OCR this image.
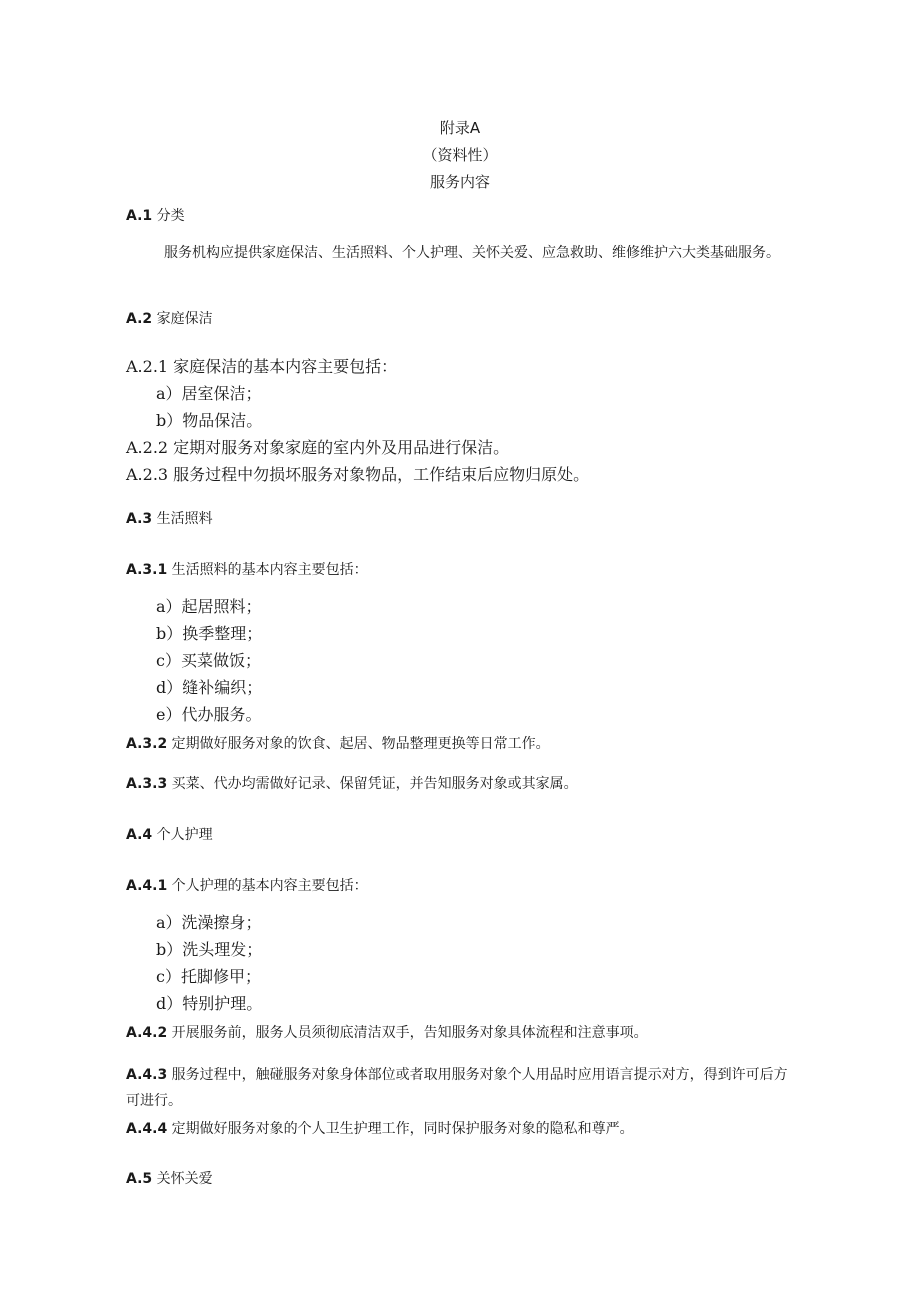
附录A
（资料性）
服务内容
A.1 分类
服务机构应提供家庭保洁、生活照料、个人护理、关怀关爱、应急救助、维修维护六大类基础服务。
A.2 家庭保洁
A.2.1 家庭保洁的基本内容主要包括：
a）居室保洁；
b）物品保洁。
A.2.2 定期对服务对象家庭的室内外及用品进行保洁。
A.2.3 服务过程中勿损坏服务对象物品，工作结束后应物归原处。
A.3 生活照料
A.3.1 生活照料的基本内容主要包括：
a）起居照料；
b）换季整理；
c）买菜做饭；
d）缝补编织；
e）代办服务。
A.3.2 定期做好服务对象的饮食、起居、物品整理更换等日常工作。
A.3.3 买菜、代办均需做好记录、保留凭证，并告知服务对象或其家属。
A.4 个人护理
A.4.1 个人护理的基本内容主要包括：
a）洗澡擦身；
b）洗头理发；
c）托脚修甲；
d）特别护理。
A.4.2 开展服务前，服务人员须彻底清洁双手，告知服务对象具体流程和注意事项。
A.4.3 服务过程中，触碰服务对象身体部位或者取用服务对象个人用品时应用语言提示对方，得到许可后方可进行。
A.4.4 定期做好服务对象的个人卫生护理工作，同时保护服务对象的隐私和尊严。
A.5 关怀关爱
